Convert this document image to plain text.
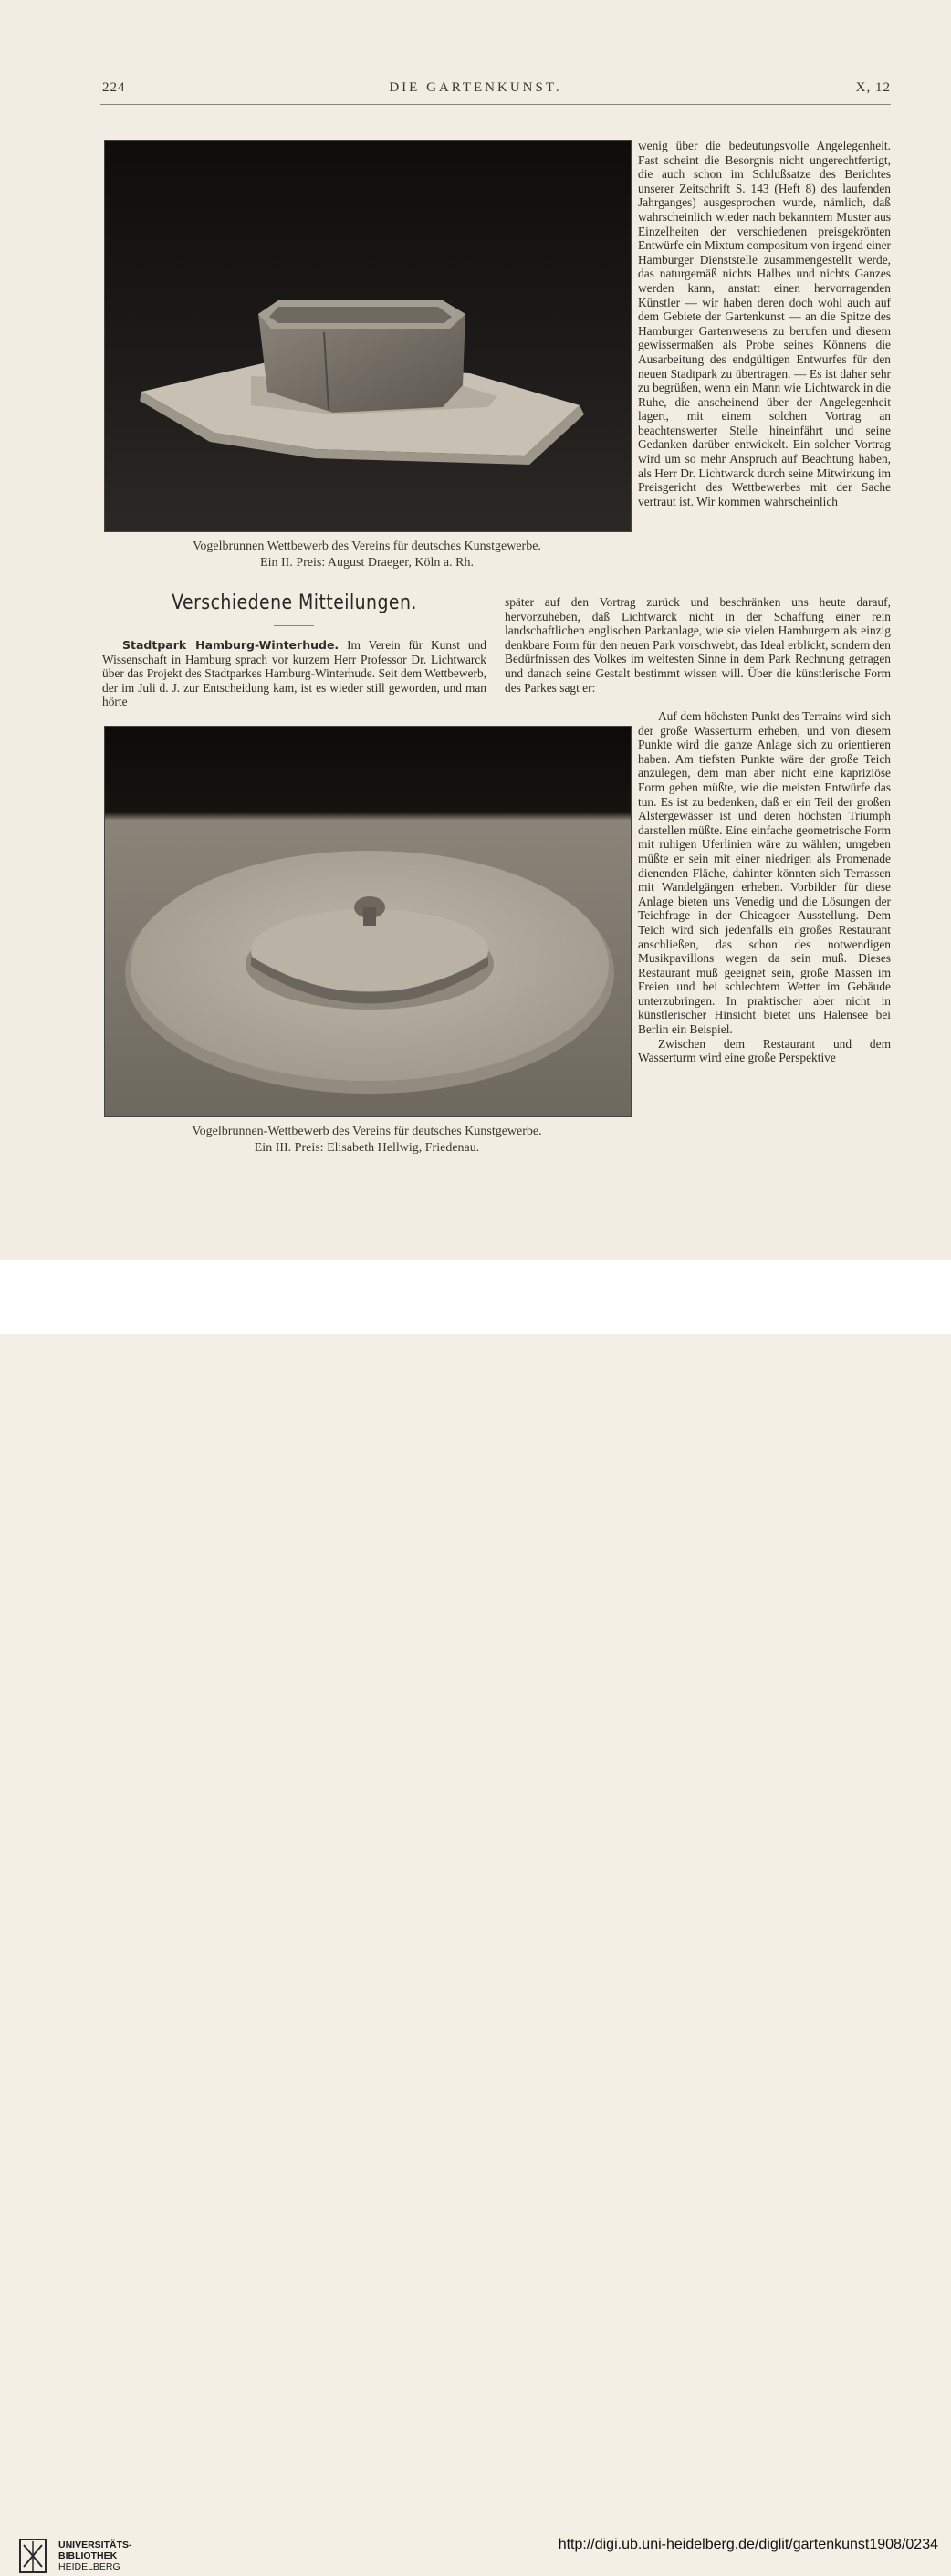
DIE GARTENKUNST.
224	X, 12
Vogelbrunnen Wettbewerb des Vereins für deutsches Kunstgewerbe.
Ein II. Preis: August Draeger, Köln a. Rh.

wenig über die bedeutungsvolle Angelegenheit. Fast scheint die Besorgnis nicht ungerechtfertigt, die auch schon im Schlußsatze des Berichtes unserer Zeitschrift S. 143 (Heft 8) des laufenden Jahrganges) ausgesprochen wurde, nämlich, daß wahrscheinlich wieder nach bekanntem Muster aus Einzelheiten der verschiedenen preisgekrönten Entwürfe ein Mixtum compositum von irgend einer Hamburger Dienststelle zusammengestellt werde, das naturgemäß nichts Halbes und nichts Ganzes werden kann, anstatt einen hervorragenden Künstler — wir haben deren doch wohl auch auf dem Gebiete der Gartenkunst — an die Spitze des Hamburger Gartenwesens zu berufen und diesem gewissermaßen als Probe seines Könnens die Ausarbeitung des endgültigen Entwurfes für den neuen Stadtpark zu übertragen. — Es ist daher sehr zu begrüßen, wenn ein Mann wie Lichtwarck in die Ruhe, die anscheinend über der Angelegenheit lagert, mit einem solchen Vortrag an beachtenswerter Stelle hineinfährt und seine Gedanken darüber entwickelt. Ein solcher Vortrag wird um so mehr Anspruch auf Beachtung haben, als Herr Dr. Lichtwarck durch seine Mitwirkung im Preisgericht des Wettbewerbes mit der Sache vertraut ist. Wir kommen wahrscheinlich

Verschiedene Mitteilungen.	später auf den Vortrag zurück und beschränken uns heute darauf, hervorzuheben, daß Lichtwarck nicht in der Schaffung einer rein landschaftlichen englischen Parkanlage, wie sie vielen Hamburgern als einzig denkbare Form für den neuen Park vorschwebt, das Ideal erblickt, sondern den Bedürfnissen des Volkes im weitesten Sinne in dem Park Rechnung getragen und danach seine Gestalt bestimmt wissen will. Über die künstlerische Form des Parkes sagt er:

Stadtpark Hamburg-Winterhude. Im Verein für Kunst und Wissenschaft in Hamburg sprach vor kurzem Herr Professor Dr. Lichtwarck über das Projekt des Stadtparkes Hamburg-Winterhude. Seit dem Wettbewerb, der im Juli d. J. zur Entscheidung kam, ist es wieder still geworden, und man hörte

Vogelbrunnen-Wettbewerb des Vereins für deutsches Kunstgewerbe.
Ein III. Preis: Elisabeth Hellwig, Friedenau.

Auf dem höchsten Punkt des Terrains wird sich der große Wasserturm erheben, und von diesem Punkte wird die ganze Anlage sich zu orientieren haben. Am tiefsten Punkte wäre der große Teich anzulegen, dem man aber nicht eine kapriziöse Form geben müßte, wie die meisten Entwürfe das tun. Es ist zu bedenken, daß er ein Teil der großen Alstergewässer ist und deren höchsten Triumph darstellen müßte. Eine einfache geometrische Form mit ruhigen Uferlinien wäre zu wählen; umgeben müßte er sein mit einer niedrigen als Promenade dienenden Fläche, dahinter könnten sich Terrassen mit Wandelgängen erheben. Vorbilder für diese Anlage bieten uns Venedig und die Lösungen der Teichfrage in der Chicagoer Ausstellung. Dem Teich wird sich jedenfalls ein großes Restaurant anschließen, das schon des notwendigen Musikpavillons wegen da sein muß. Dieses Restaurant muß geeignet sein, große Massen im Freien und bei schlechtem Wetter im Gebäude unterzubringen. In praktischer aber nicht in künstlerischer Hinsicht bietet uns Halensee bei Berlin ein Beispiel.

Zwischen dem Restaurant und dem Wasserturm wird eine große Perspektive

UNIVERSITÄTS-
BIBLIOTHEK
HEIDELBERG
http://digi.ub.uni-heidelberg.de/diglit/gartenkunst1908/0234
